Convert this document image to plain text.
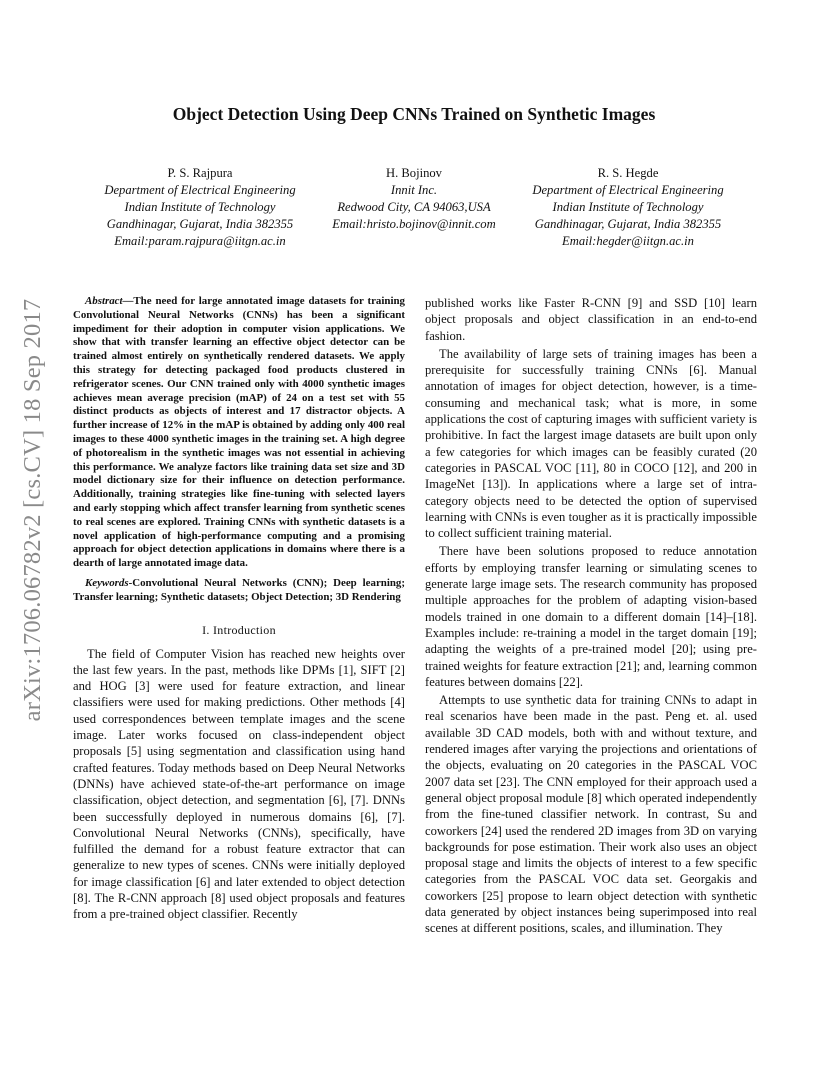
arXiv:1706.06782v2 [cs.CV] 18 Sep 2017
Object Detection Using Deep CNNs Trained on Synthetic Images
P. S. Rajpura
Department of Electrical Engineering
Indian Institute of Technology
Gandhinagar, Gujarat, India 382355
Email:param.rajpura@iitgn.ac.in
H. Bojinov
Innit Inc.
Redwood City, CA 94063,USA
Email:hristo.bojinov@innit.com
R. S. Hegde
Department of Electrical Engineering
Indian Institute of Technology
Gandhinagar, Gujarat, India 382355
Email:hegder@iitgn.ac.in

Abstract—The need for large annotated image datasets for training Convolutional Neural Networks (CNNs) has been a significant impediment for their adoption in computer vision applications. We show that with transfer learning an effective object detector can be trained almost entirely on synthetically rendered datasets. We apply this strategy for detecting packaged food products clustered in refrigerator scenes. Our CNN trained only with 4000 synthetic images achieves mean average precision (mAP) of 24 on a test set with 55 distinct products as objects of interest and 17 distractor objects. A further increase of 12% in the mAP is obtained by adding only 400 real images to these 4000 synthetic images in the training set. A high degree of photorealism in the synthetic images was not essential in achieving this performance. We analyze factors like training data set size and 3D model dictionary size for their influence on detection performance. Additionally, training strategies like fine-tuning with selected layers and early stopping which affect transfer learning from synthetic scenes to real scenes are explored. Training CNNs with synthetic datasets is a novel application of high-performance computing and a promising approach for object detection applications in domains where there is a dearth of large annotated image data.

Keywords-Convolutional Neural Networks (CNN); Deep learning; Transfer learning; Synthetic datasets; Object Detection; 3D Rendering

I. Introduction

The field of Computer Vision has reached new heights over the last few years. In the past, methods like DPMs [1], SIFT [2] and HOG [3] were used for feature extraction, and linear classifiers were used for making predictions. Other methods [4] used correspondences between template images and the scene image. Later works focused on class-independent object proposals [5] using segmentation and classification using hand crafted features. Today methods based on Deep Neural Networks (DNNs) have achieved state-of-the-art performance on image classification, object detection, and segmentation [6], [7]. DNNs been successfully deployed in numerous domains [6], [7]. Convolutional Neural Networks (CNNs), specifically, have fulfilled the demand for a robust feature extractor that can generalize to new types of scenes. CNNs were initially deployed for image classification [6] and later extended to object detection [8]. The R-CNN approach [8] used object proposals and features from a pre-trained object classifier. Recently

published works like Faster R-CNN [9] and SSD [10] learn object proposals and object classification in an end-to-end fashion.

The availability of large sets of training images has been a prerequisite for successfully training CNNs [6]. Manual annotation of images for object detection, however, is a time-consuming and mechanical task; what is more, in some applications the cost of capturing images with sufficient variety is prohibitive. In fact the largest image datasets are built upon only a few categories for which images can be feasibly curated (20 categories in PASCAL VOC [11], 80 in COCO [12], and 200 in ImageNet [13]). In applications where a large set of intra-category objects need to be detected the option of supervised learning with CNNs is even tougher as it is practically impossible to collect sufficient training material.

There have been solutions proposed to reduce annotation efforts by employing transfer learning or simulating scenes to generate large image sets. The research community has proposed multiple approaches for the problem of adapting vision-based models trained in one domain to a different domain [14]–[18]. Examples include: re-training a model in the target domain [19]; adapting the weights of a pre-trained model [20]; using pre-trained weights for feature extraction [21]; and, learning common features between domains [22].

Attempts to use synthetic data for training CNNs to adapt in real scenarios have been made in the past. Peng et. al. used available 3D CAD models, both with and without texture, and rendered images after varying the projections and orientations of the objects, evaluating on 20 categories in the PASCAL VOC 2007 data set [23]. The CNN employed for their approach used a general object proposal module [8] which operated independently from the fine-tuned classifier network. In contrast, Su and coworkers [24] used the rendered 2D images from 3D on varying backgrounds for pose estimation. Their work also uses an object proposal stage and limits the objects of interest to a few specific categories from the PASCAL VOC data set. Georgakis and coworkers [25] propose to learn object detection with synthetic data generated by object instances being superimposed into real scenes at different positions, scales, and illumination. They
